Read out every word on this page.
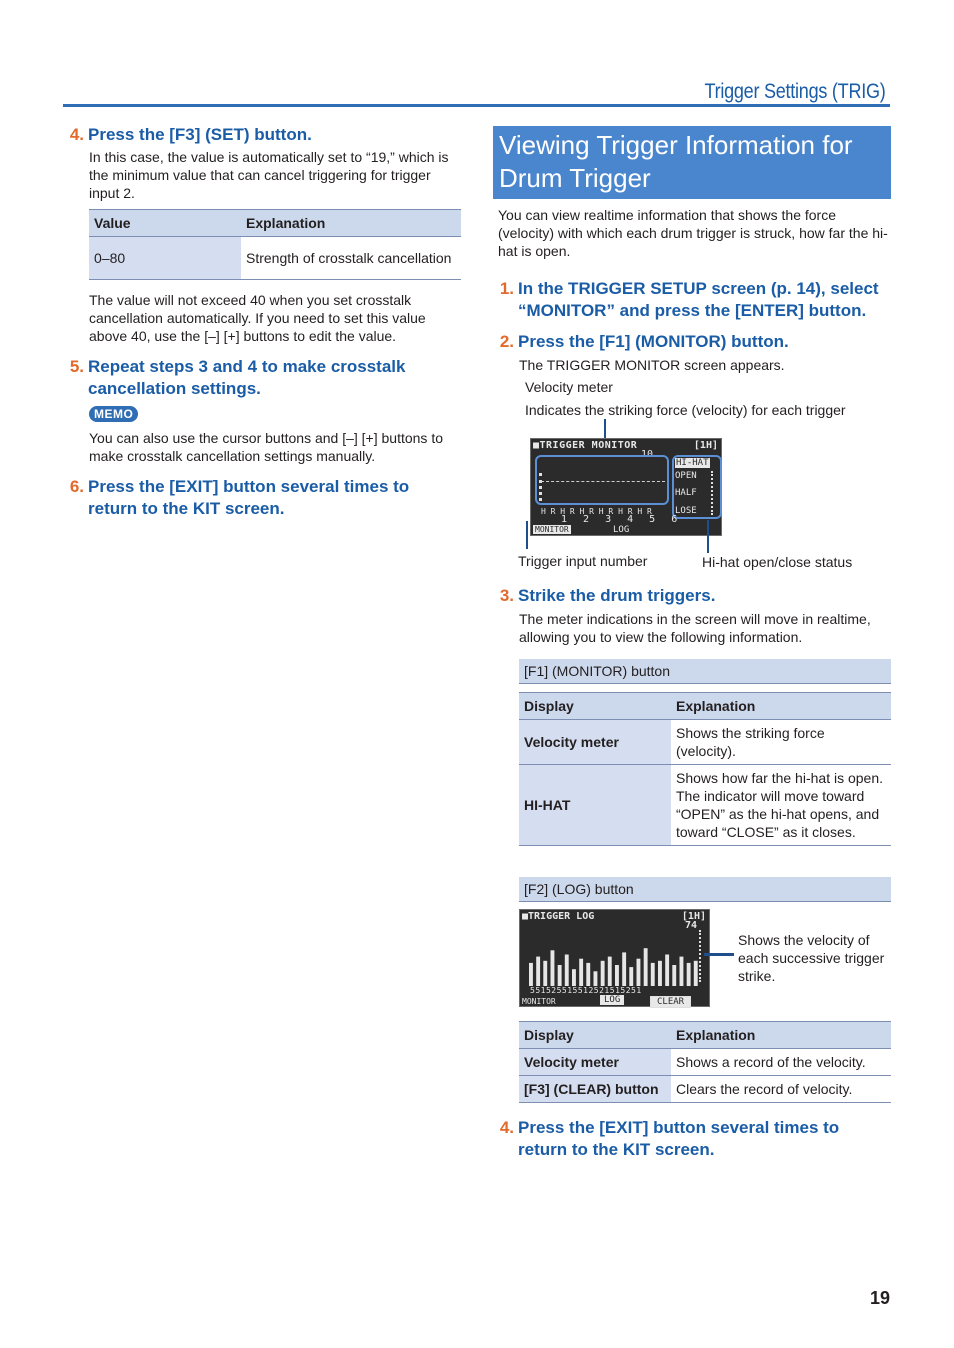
Trigger Settings (TRIG)
4. Press the [F3] (SET) button.
In this case, the value is automatically set to “19,” which is the minimum value that can cancel triggering for trigger input 2.
Value	Explanation
0–80	Strength of crosstalk cancellation
The value will not exceed 40 when you set crosstalk cancellation automatically. If you need to set this value above 40, use the [–] [+] buttons to edit the value.
5. Repeat steps 3 and 4 to make crosstalk cancellation settings.
MEMO
You can also use the cursor buttons and [–] [+] buttons to make crosstalk cancellation settings manually.
6. Press the [EXIT] button several times to return to the KIT screen.
Viewing Trigger Information for Drum Trigger
You can view realtime information that shows the force (velocity) with which each drum trigger is struck, how far the hi-hat is open.
1. In the TRIGGER SETUP screen (p. 14), select “MONITOR” and press the [ENTER] button.
2. Press the [F1] (MONITOR) button.
The TRIGGER MONITOR screen appears.
Velocity meter
Indicates the striking force (velocity) for each trigger
■TRIGGER MONITOR	[1H]
10
HI-HAT
OPEN
HALF
LOSE
H R H R H R H R H R H R
1 2 3 4 5 6
MONITOR	LOG
Trigger input number	Hi-hat open/close status
3. Strike the drum triggers.
The meter indications in the screen will move in realtime, allowing you to view the following information.
[F1] (MONITOR) button
Display	Explanation
Velocity meter	Shows the striking force (velocity).
HI-HAT	Shows how far the hi-hat is open. The indicator will move toward “OPEN” as the hi-hat opens, and toward “CLOSE” as it closes.
[F2] (LOG) button
■TRIGGER LOG	[1H]
74
551525515512521515251
MONITOR	LOG	CLEAR
Shows the velocity of each successive trigger strike.
Display	Explanation
Velocity meter	Shows a record of the velocity.
[F3] (CLEAR) button	Clears the record of velocity.
4. Press the [EXIT] button several times to return to the KIT screen.
19
